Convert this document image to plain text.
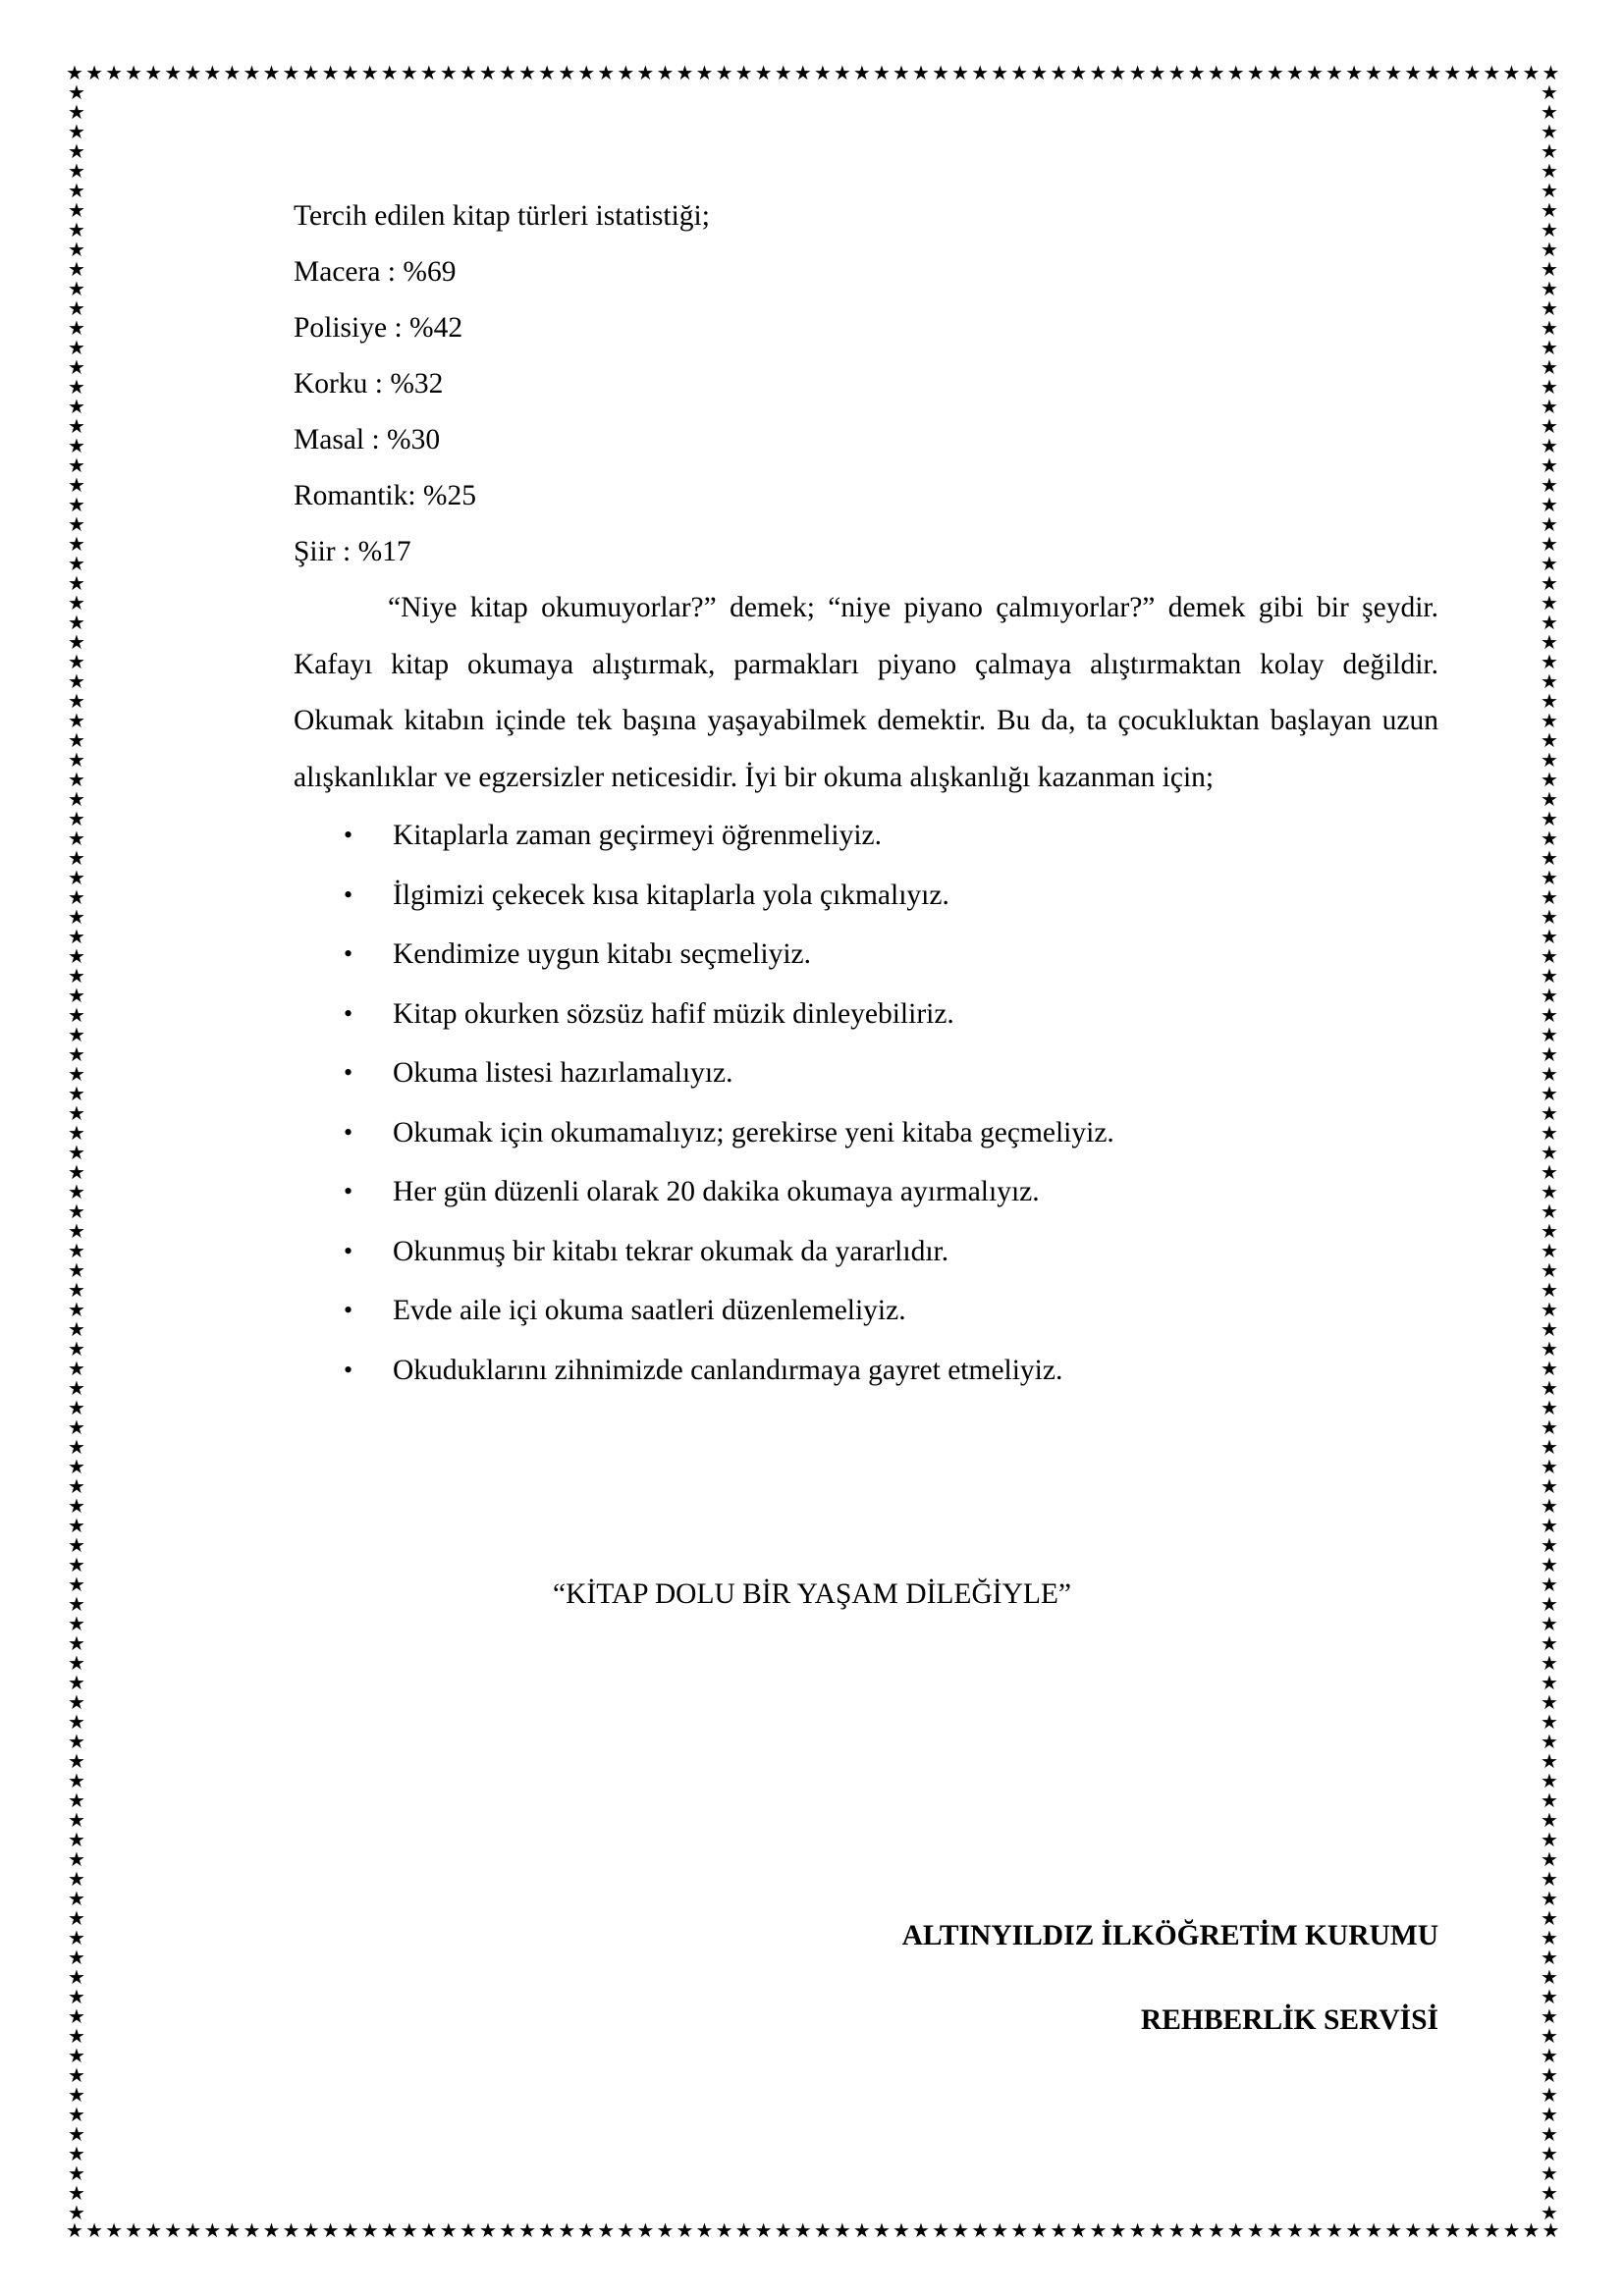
★ ★ ★ ★ ★ ★ ★ ★ ★ ★ ★ ★ ★ ★ ★ ★ ★ ★ ★ ★ ★ ★ ★ ★ ★ ★ ★ ★ ★ ★ ★ ★ ★ ★ ★ ★ ★ ★ ★ ★ ★ ★ ★ ★ ★ ★ ★ ★ ★ ★ ★ ★ ★ ★ ★ ★ ★ ★ ★ ★ ★ ★ ★ ★ ★ ★ ★ ★ ★ ★ ★ ★ ★ ★ ★ ★
★ ★ ★ ★ ★ ★ ★ ★ ★ ★ ★ ★ ★ ★ ★ ★ ★ ★ ★ ★ ★ ★ ★ ★ ★ ★ ★ ★ ★ ★ ★ ★ ★ ★ ★ ★ ★ ★ ★ ★ ★ ★ ★ ★ ★ ★ ★ ★ ★ ★ ★ ★ ★ ★ ★ ★ ★ ★ ★ ★ ★ ★ ★ ★ ★ ★ ★ ★ ★ ★ ★ ★ ★ ★ ★ ★
★
★
★
★
★
★
★
★
★
★
★
★
★
★
★
★
★
★
★
★
★
★
★
★
★
★
★
★
★
★
★
★
★
★
★
★
★
★
★
★
★
★
★
★
★
★
★
★
★
★
★
★
★
★
★
★
★
★
★
★
★
★
★
★
★
★
★
★
★
★
★
★
★
★
★
★
★
★
★
★
★
★
★
★
★
★
★
★
★
★
★
★
★
★
★
★
★
★
★
★
★
★
★
★
★
★
★
★
★
★
★
★
★
★
★
★
★
★
★
★
★
★
★
★
★
★
★
★
★
★
★
★
★
★
★
★
★
★
★
★
★
★
★
★
★
★
★
★
★
★
★
★
★
★
★
★
★
★
★
★
★
★
★
★
★
★
★
★
★
★
★
★
★
★
★
★
★
★
★
★
★
★
★
★
★
★
★
★
★
★
★
★
★
★
★
★
★
★
★
★
★
★
★
★
★
★
★
★
★
★
★
★
★
★
★
★
★
★
Tercih edilen kitap türleri istatistiği;
Macera : %69
Polisiye : %42
Korku : %32
Masal : %30
Romantik: %25
Şiir : %17

“Niye kitap okumuyorlar?” demek; “niye piyano çalmıyorlar?” demek gibi bir şeydir. Kafayı kitap okumaya alıştırmak, parmakları piyano çalmaya alıştırmaktan kolay değildir. Okumak kitabın içinde tek başına yaşayabilmek demektir. Bu da, ta çocukluktan başlayan uzun alışkanlıklar ve egzersizler neticesidir. İyi bir okuma alışkanlığı kazanman için;

• Kitaplarla zaman geçirmeyi öğrenmeliyiz.
• İlgimizi çekecek kısa kitaplarla yola çıkmalıyız.
• Kendimize uygun kitabı seçmeliyiz.
• Kitap okurken sözsüz hafif müzik dinleyebiliriz.
• Okuma listesi hazırlamalıyız.
• Okumak için okumamalıyız; gerekirse yeni kitaba geçmeliyiz.
• Her gün düzenli olarak 20 dakika okumaya ayırmalıyız.
• Okunmuş bir kitabı tekrar okumak da yararlıdır.
• Evde aile içi okuma saatleri düzenlemeliyiz.
• Okuduklarını zihnimizde canlandırmaya gayret etmeliyiz.
“KİTAP DOLU BİR YAŞAM DİLEĞİYLE”
ALTINYILDIZ İLKÖĞRETİM KURUMU
REHBERLİK SERVİSİ
